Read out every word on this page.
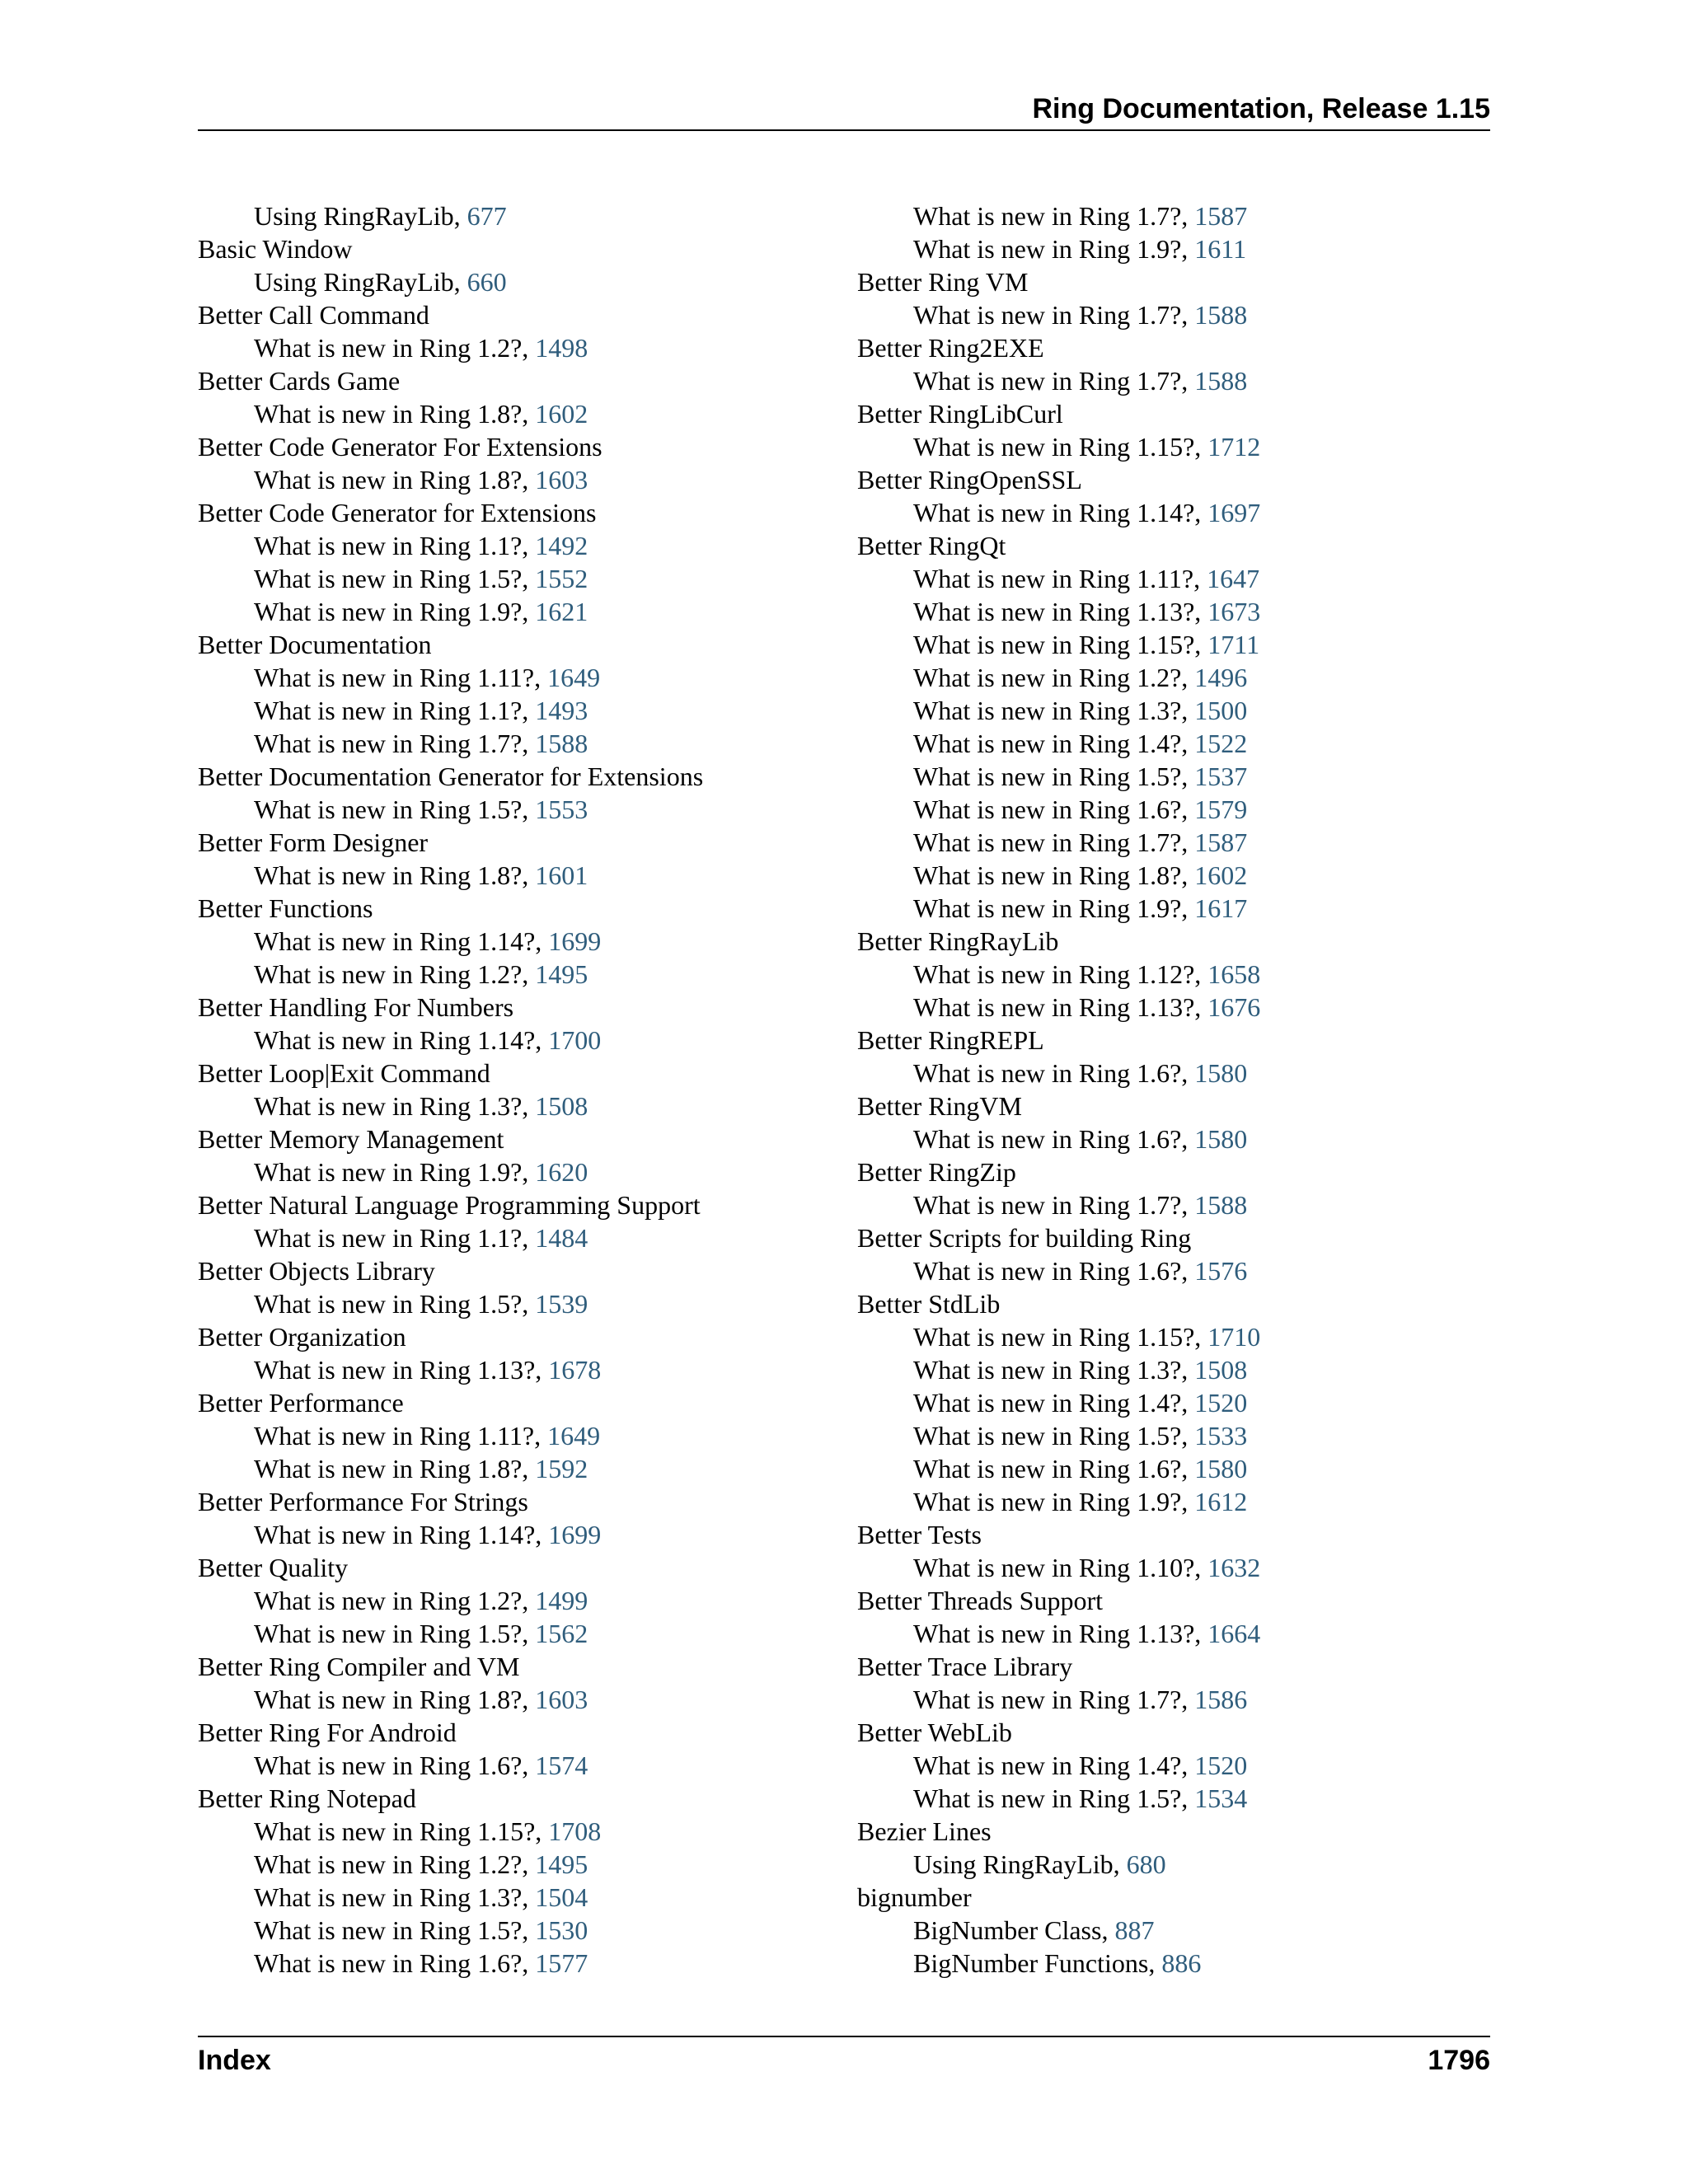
Ring Documentation, Release 1.15
Using RingRayLib, 677
Basic Window
Using RingRayLib, 660
Better Call Command
What is new in Ring 1.2?, 1498
Better Cards Game
What is new in Ring 1.8?, 1602
Better Code Generator For Extensions
What is new in Ring 1.8?, 1603
Better Code Generator for Extensions
What is new in Ring 1.1?, 1492
What is new in Ring 1.5?, 1552
What is new in Ring 1.9?, 1621
Better Documentation
What is new in Ring 1.11?, 1649
What is new in Ring 1.1?, 1493
What is new in Ring 1.7?, 1588
Better Documentation Generator for Extensions
What is new in Ring 1.5?, 1553
Better Form Designer
What is new in Ring 1.8?, 1601
Better Functions
What is new in Ring 1.14?, 1699
What is new in Ring 1.2?, 1495
Better Handling For Numbers
What is new in Ring 1.14?, 1700
Better Loop|Exit Command
What is new in Ring 1.3?, 1508
Better Memory Management
What is new in Ring 1.9?, 1620
Better Natural Language Programming Support
What is new in Ring 1.1?, 1484
Better Objects Library
What is new in Ring 1.5?, 1539
Better Organization
What is new in Ring 1.13?, 1678
Better Performance
What is new in Ring 1.11?, 1649
What is new in Ring 1.8?, 1592
Better Performance For Strings
What is new in Ring 1.14?, 1699
Better Quality
What is new in Ring 1.2?, 1499
What is new in Ring 1.5?, 1562
Better Ring Compiler and VM
What is new in Ring 1.8?, 1603
Better Ring For Android
What is new in Ring 1.6?, 1574
Better Ring Notepad
What is new in Ring 1.15?, 1708
What is new in Ring 1.2?, 1495
What is new in Ring 1.3?, 1504
What is new in Ring 1.5?, 1530
What is new in Ring 1.6?, 1577
What is new in Ring 1.7?, 1587
What is new in Ring 1.9?, 1611
Better Ring VM
What is new in Ring 1.7?, 1588
Better Ring2EXE
What is new in Ring 1.7?, 1588
Better RingLibCurl
What is new in Ring 1.15?, 1712
Better RingOpenSSL
What is new in Ring 1.14?, 1697
Better RingQt
What is new in Ring 1.11?, 1647
What is new in Ring 1.13?, 1673
What is new in Ring 1.15?, 1711
What is new in Ring 1.2?, 1496
What is new in Ring 1.3?, 1500
What is new in Ring 1.4?, 1522
What is new in Ring 1.5?, 1537
What is new in Ring 1.6?, 1579
What is new in Ring 1.7?, 1587
What is new in Ring 1.8?, 1602
What is new in Ring 1.9?, 1617
Better RingRayLib
What is new in Ring 1.12?, 1658
What is new in Ring 1.13?, 1676
Better RingREPL
What is new in Ring 1.6?, 1580
Better RingVM
What is new in Ring 1.6?, 1580
Better RingZip
What is new in Ring 1.7?, 1588
Better Scripts for building Ring
What is new in Ring 1.6?, 1576
Better StdLib
What is new in Ring 1.15?, 1710
What is new in Ring 1.3?, 1508
What is new in Ring 1.4?, 1520
What is new in Ring 1.5?, 1533
What is new in Ring 1.6?, 1580
What is new in Ring 1.9?, 1612
Better Tests
What is new in Ring 1.10?, 1632
Better Threads Support
What is new in Ring 1.13?, 1664
Better Trace Library
What is new in Ring 1.7?, 1586
Better WebLib
What is new in Ring 1.4?, 1520
What is new in Ring 1.5?, 1534
Bezier Lines
Using RingRayLib, 680
bignumber
BigNumber Class, 887
BigNumber Functions, 886
Index	1796
